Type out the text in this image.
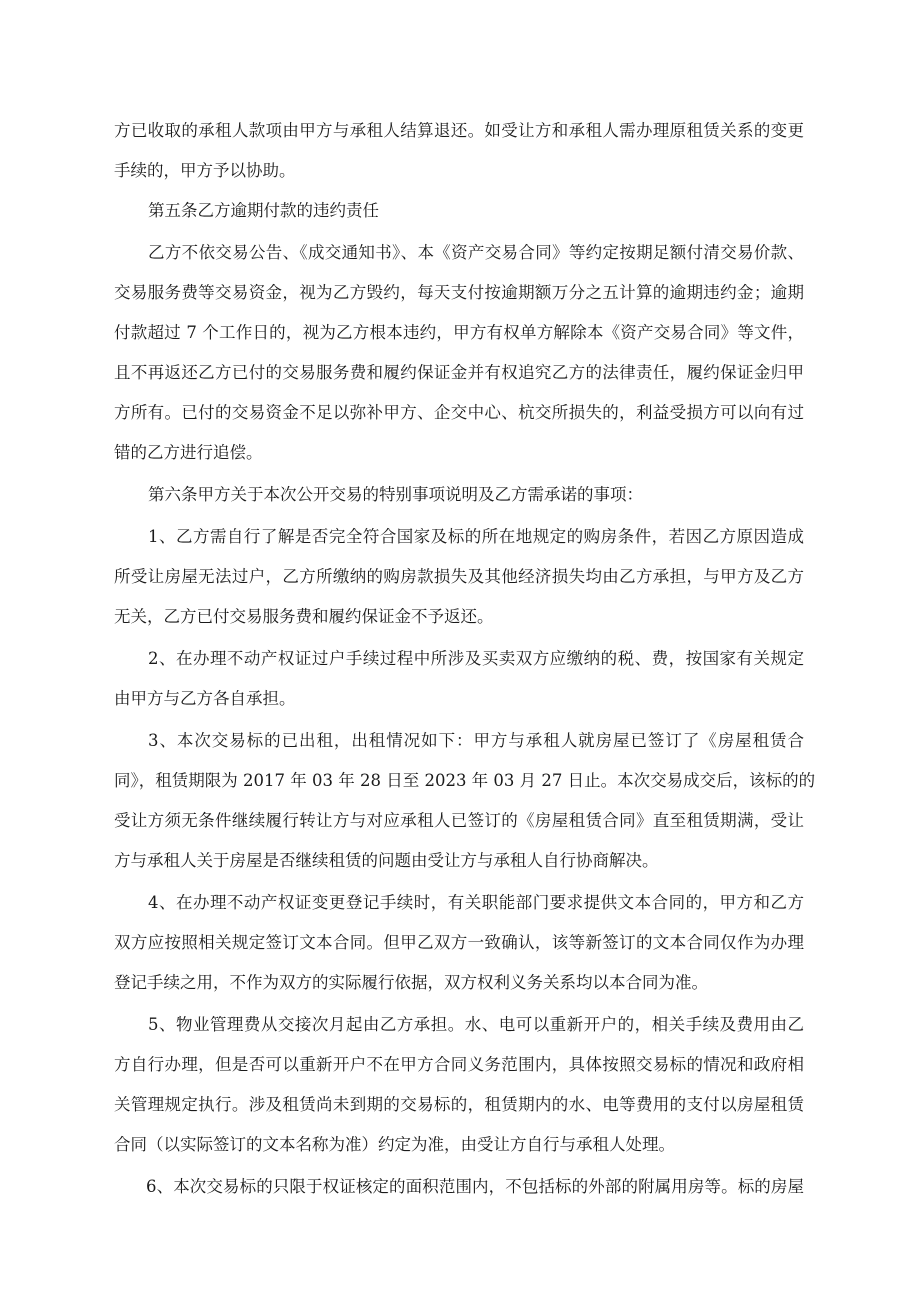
方已收取的承租人款项由甲方与承租人结算退还。如受让方和承租人需办理原租赁关系的变更
手续的，甲方予以协助。
第五条乙方逾期付款的违约责任
乙方不依交易公告、《成交通知书》、本《资产交易合同》等约定按期足额付清交易价款、
交易服务费等交易资金，视为乙方毁约，每天支付按逾期额万分之五计算的逾期违约金；逾期
付款超过 7 个工作日的，视为乙方根本违约，甲方有权单方解除本《资产交易合同》等文件，
且不再返还乙方已付的交易服务费和履约保证金并有权追究乙方的法律责任，履约保证金归甲
方所有。已付的交易资金不足以弥补甲方、企交中心、杭交所损失的，利益受损方可以向有过
错的乙方进行追偿。
第六条甲方关于本次公开交易的特别事项说明及乙方需承诺的事项：
1、乙方需自行了解是否完全符合国家及标的所在地规定的购房条件，若因乙方原因造成
所受让房屋无法过户，乙方所缴纳的购房款损失及其他经济损失均由乙方承担，与甲方及乙方
无关，乙方已付交易服务费和履约保证金不予返还。
2、在办理不动产权证过户手续过程中所涉及买卖双方应缴纳的税、费，按国家有关规定
由甲方与乙方各自承担。
3、本次交易标的已出租，出租情况如下：甲方与承租人就房屋已签订了《房屋租赁合
同》，租赁期限为 2017 年 03 年 28 日至 2023 年 03 月 27 日止。本次交易成交后，该标的的
受让方须无条件继续履行转让方与对应承租人已签订的《房屋租赁合同》直至租赁期满，受让
方与承租人关于房屋是否继续租赁的问题由受让方与承租人自行协商解决。
4、在办理不动产权证变更登记手续时，有关职能部门要求提供文本合同的，甲方和乙方
双方应按照相关规定签订文本合同。但甲乙双方一致确认，该等新签订的文本合同仅作为办理
登记手续之用，不作为双方的实际履行依据，双方权利义务关系均以本合同为准。
5、物业管理费从交接次月起由乙方承担。水、电可以重新开户的，相关手续及费用由乙
方自行办理，但是否可以重新开户不在甲方合同义务范围内，具体按照交易标的情况和政府相
关管理规定执行。涉及租赁尚未到期的交易标的，租赁期内的水、电等费用的支付以房屋租赁
合同（以实际签订的文本名称为准）约定为准，由受让方自行与承租人处理。
6、本次交易标的只限于权证核定的面积范围内，不包括标的外部的附属用房等。标的房屋
